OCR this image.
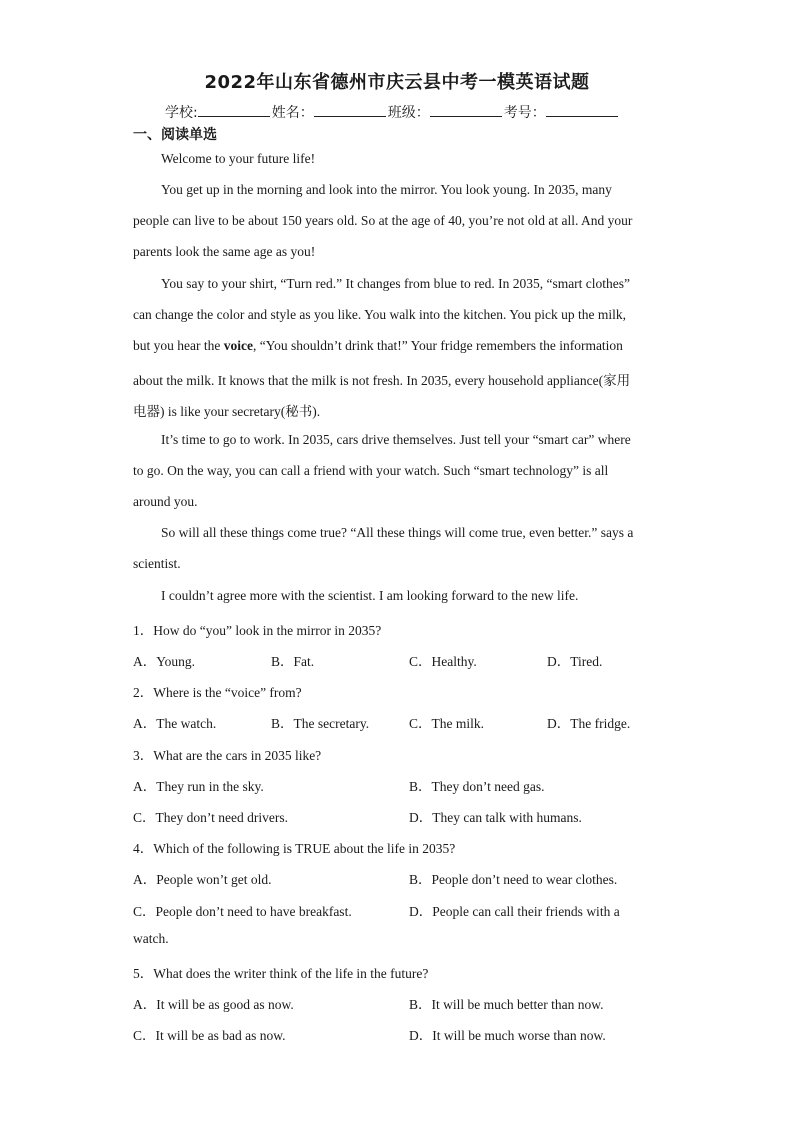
2022年山东省德州市庆云县中考一模英语试题
学校:	姓名：	班级：	考号：
一、阅读单选
Welcome to your future life!
You get up in the morning and look into the mirror. You look young. In 2035, many
people can live to be about 150 years old. So at the age of 40, you’re not old at all. And your
parents look the same age as you!
You say to your shirt, “Turn red.” It changes from blue to red. In 2035, “smart clothes”
can change the color and style as you like. You walk into the kitchen. You pick up the milk,
but you hear the voice, “You shouldn’t drink that!” Your fridge remembers the information
about the milk. It knows that the milk is not fresh. In 2035, every household appliance(家用
电器) is like your secretary(秘书).
It’s time to go to work. In 2035, cars drive themselves. Just tell your “smart car” where
to go. On the way, you can call a friend with your watch. Such “smart technology” is all
around you.
So will all these things come true? “All these things will come true, even better.” says a
scientist.
I couldn’t agree more with the scientist. I am looking forward to the new life.
1．How do “you” look in the mirror in 2035?
A．Young.	B．Fat.	C．Healthy.	D．Tired.
2．Where is the “voice” from?
A．The watch.	B．The secretary.	C．The milk.	D．The fridge.
3．What are the cars in 2035 like?
A．They run in the sky.	B．They don’t need gas.
C．They don’t need drivers.	D．They can talk with humans.
4．Which of the following is TRUE about the life in 2035?
A．People won’t get old.	B．People don’t need to wear clothes.
C．People don’t need to have breakfast.	D．People can call their friends with a
watch.
5．What does the writer think of the life in the future?
A．It will be as good as now.	B．It will be much better than now.
C．It will be as bad as now.	D．It will be much worse than now.
